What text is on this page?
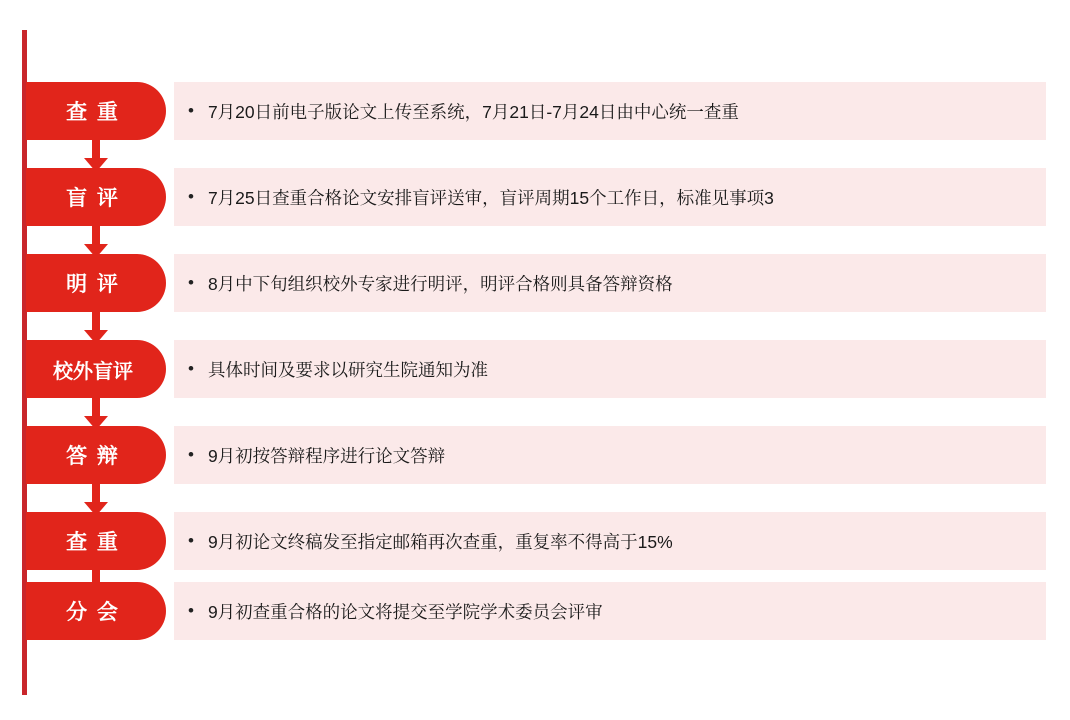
查 重	• 7月20日前电子版论文上传至系统，7月21日-7月24日由中心统一查重
盲 评	• 7月25日查重合格论文安排盲评送审，盲评周期15个工作日，标准见事项3
明 评	• 8月中下旬组织校外专家进行明评，明评合格则具备答辩资格
校外盲评	• 具体时间及要求以研究生院通知为准
答 辩	• 9月初按答辩程序进行论文答辩
查 重	• 9月初论文终稿发至指定邮箱再次查重，重复率不得高于15%
分 会	• 9月初查重合格的论文将提交至学院学术委员会评审
